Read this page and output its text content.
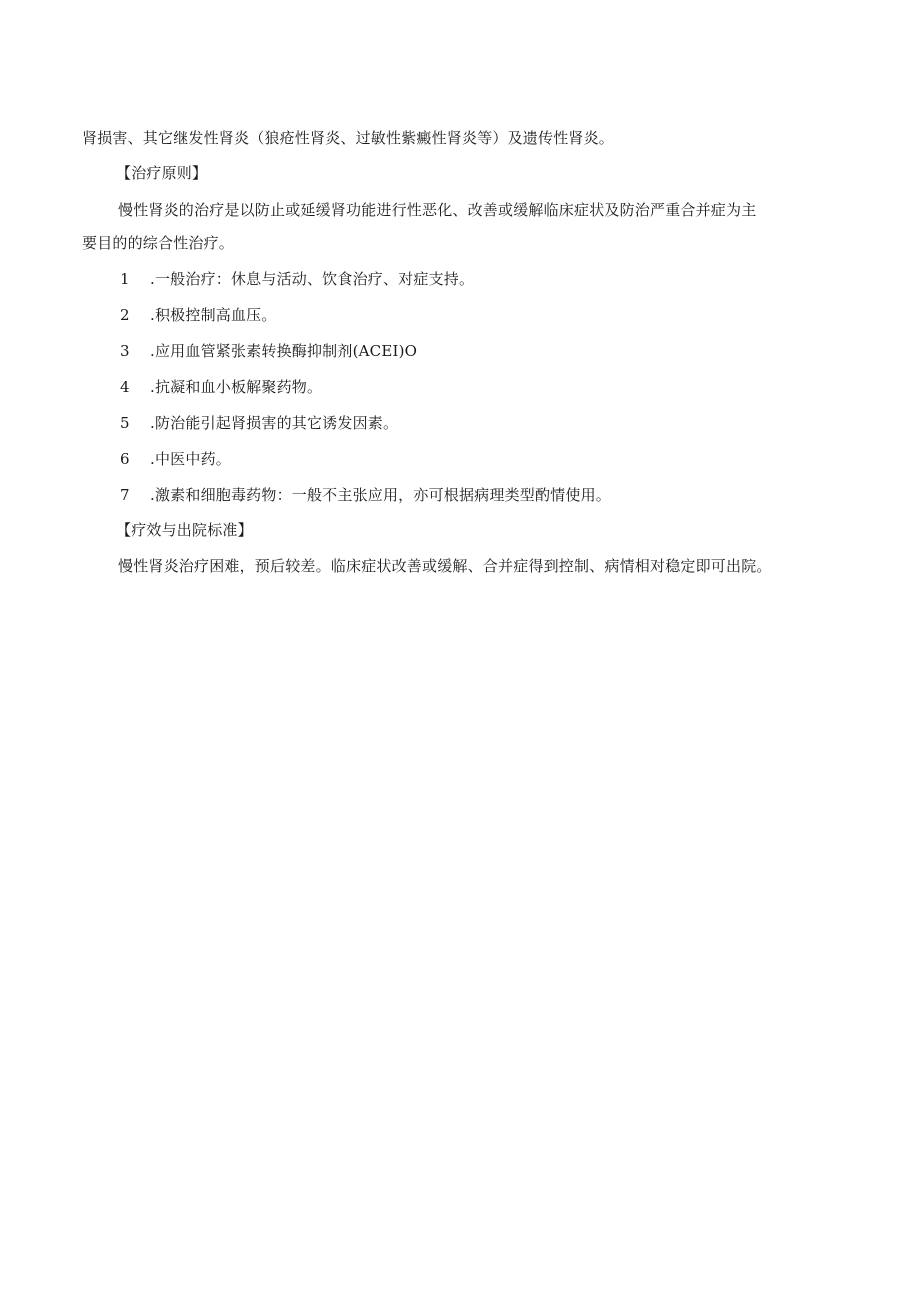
肾损害、其它继发性肾炎（狼疮性肾炎、过敏性紫癜性肾炎等）及遗传性肾炎。
【治疗原则】
慢性肾炎的治疗是以防止或延缓肾功能进行性恶化、改善或缓解临床症状及防治严重合并症为主
要目的的综合性治疗。
1 .一般治疗：休息与活动、饮食治疗、对症支持。
2 .积极控制高血压。
3 .应用血管紧张素转换酶抑制剂(ACEI)O
4 .抗凝和血小板解聚药物。
5 .防治能引起肾损害的其它诱发因素。
6 .中医中药。
7 .激素和细胞毒药物：一般不主张应用，亦可根据病理类型酌情使用。
【疗效与出院标准】
慢性肾炎治疗困难，预后较差。临床症状改善或缓解、合并症得到控制、病情相对稳定即可出院。
